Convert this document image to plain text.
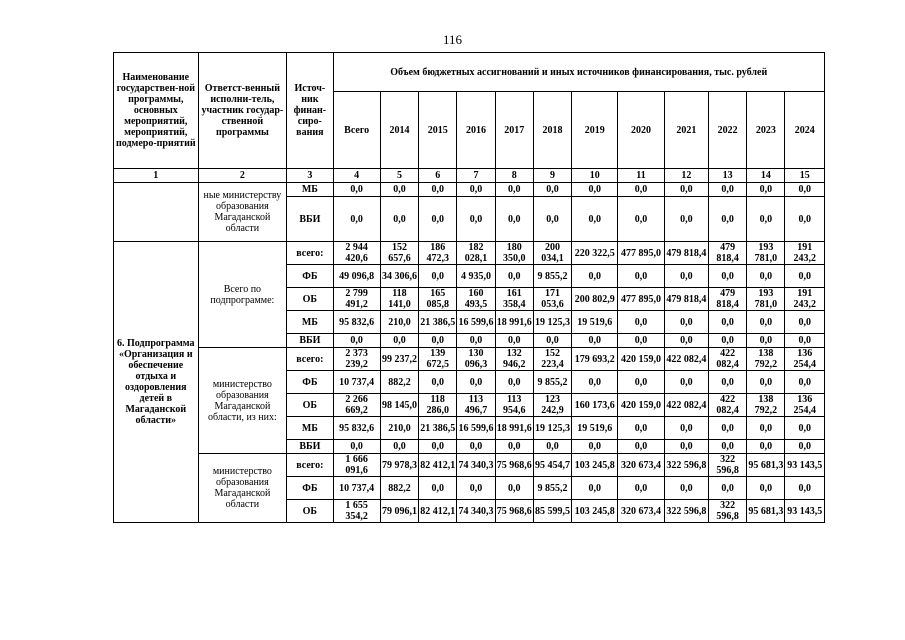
116
Наименование государствен-ной программы, основных мероприятий, мероприятий, подмеро-приятий	Ответст-венный исполни-тель, участник государ-ственной программы	Источ-ник финан-сиро-вания	Объем бюджетных ассигнований и иных источников финансирования, тыс. рублей											
			Всего	2014	2015	2016	2017	2018	2019	2020	2021	2022	2023	2024
1	2	3	4	5	6	7	8	9	10	11	12	13	14	15
	ные министерству образования Магаданской области	МБ	0,0	0,0	0,0	0,0	0,0	0,0	0,0	0,0	0,0	0,0	0,0	0,0
		ВБИ	0,0	0,0	0,0	0,0	0,0	0,0	0,0	0,0	0,0	0,0	0,0	0,0
6. Подпрограмма «Организация и обеспечение отдыха и оздоровления детей в Магаданской области»	Всего по подпрограмме:	всего:	2 944 420,6	152 657,6	186 472,3	182 028,1	180 350,0	200 034,1	220 322,5	477 895,0	479 818,4	479 818,4	193 781,0	191 243,2
		ФБ	49 096,8	34 306,6	0,0	4 935,0	0,0	9 855,2	0,0	0,0	0,0	0,0	0,0	0,0
		ОБ	2 799 491,2	118 141,0	165 085,8	160 493,5	161 358,4	171 053,6	200 802,9	477 895,0	479 818,4	479 818,4	193 781,0	191 243,2
		МБ	95 832,6	210,0	21 386,5	16 599,6	18 991,6	19 125,3	19 519,6	0,0	0,0	0,0	0,0	0,0
		ВБИ	0,0	0,0	0,0	0,0	0,0	0,0	0,0	0,0	0,0	0,0	0,0	0,0
	министерство образования Магаданской области, из них:	всего:	2 373 239,2	99 237,2	139 672,5	130 096,3	132 946,2	152 223,4	179 693,2	420 159,0	422 082,4	422 082,4	138 792,2	136 254,4
		ФБ	10 737,4	882,2	0,0	0,0	0,0	9 855,2	0,0	0,0	0,0	0,0	0,0	0,0
		ОБ	2 266 669,2	98 145,0	118 286,0	113 496,7	113 954,6	123 242,9	160 173,6	420 159,0	422 082,4	422 082,4	138 792,2	136 254,4
		МБ	95 832,6	210,0	21 386,5	16 599,6	18 991,6	19 125,3	19 519,6	0,0	0,0	0,0	0,0	0,0
		ВБИ	0,0	0,0	0,0	0,0	0,0	0,0	0,0	0,0	0,0	0,0	0,0	0,0
	министерство образования Магаданской области	всего:	1 666 091,6	79 978,3	82 412,1	74 340,3	75 968,6	95 454,7	103 245,8	320 673,4	322 596,8	322 596,8	95 681,3	93 143,5
		ФБ	10 737,4	882,2	0,0	0,0	0,0	9 855,2	0,0	0,0	0,0	0,0	0,0	0,0
		ОБ	1 655 354,2	79 096,1	82 412,1	74 340,3	75 968,6	85 599,5	103 245,8	320 673,4	322 596,8	322 596,8	95 681,3	93 143,5
